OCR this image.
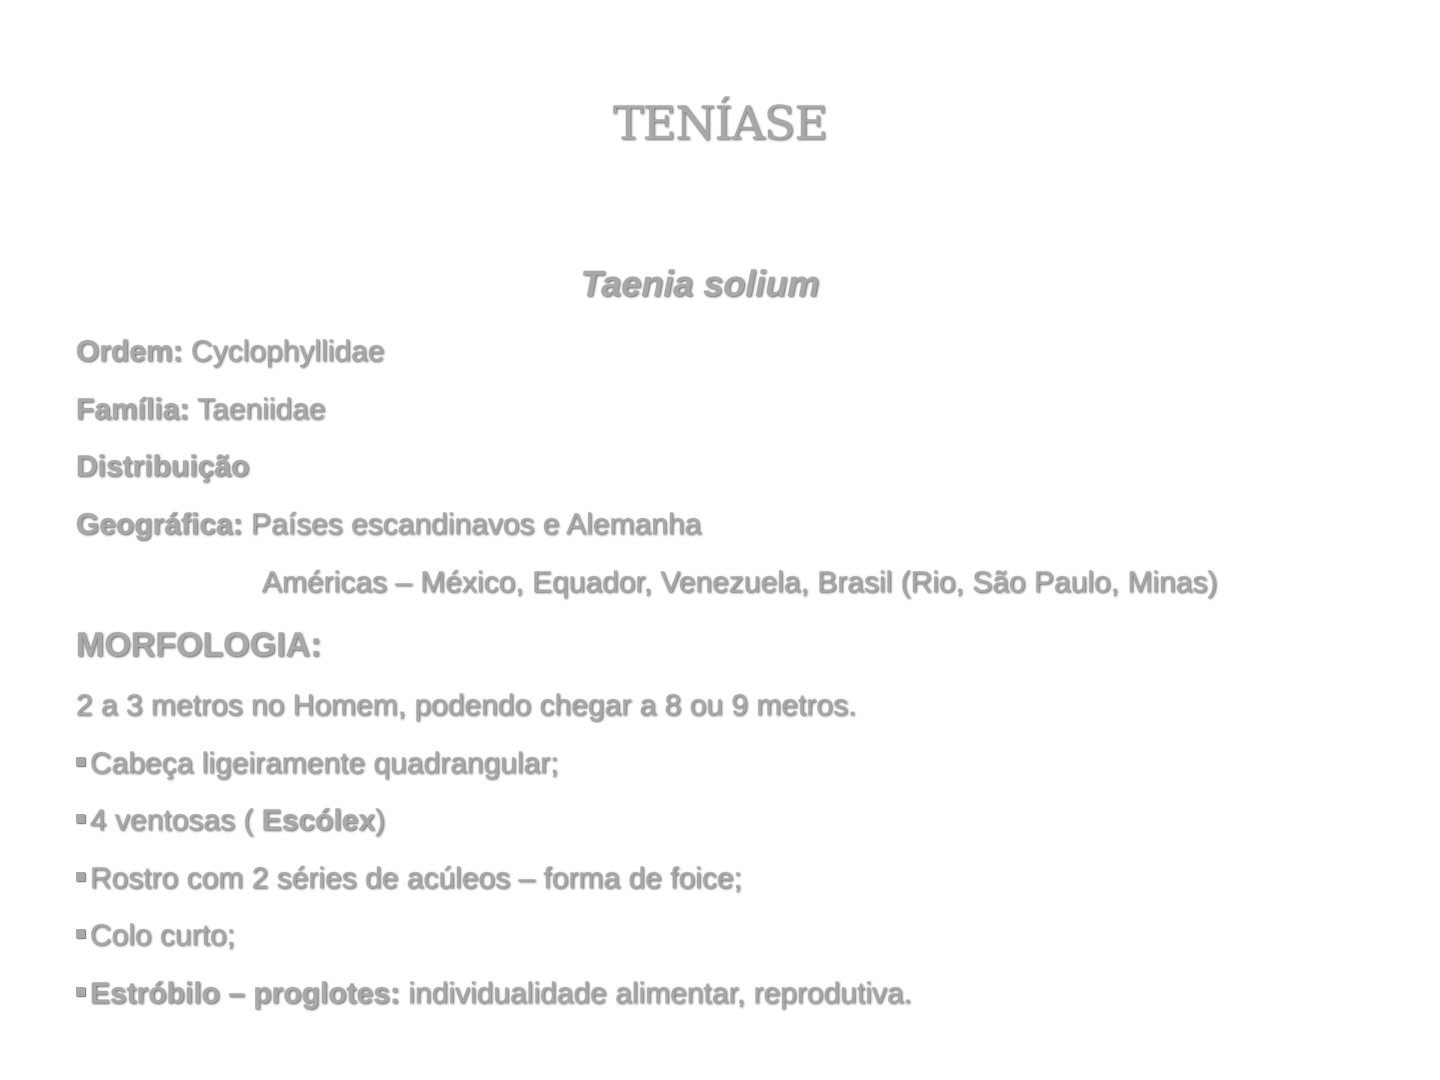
TENÍASE
Taenia solium
Ordem: Cyclophyllidae
Família: Taeniidae
Distribuição
Geográfica: Países escandinavos e Alemanha
Américas – México, Equador, Venezuela, Brasil (Rio, São Paulo, Minas)
MORFOLOGIA:
2 a 3 metros no Homem, podendo chegar a 8 ou 9 metros.
Cabeça ligeiramente quadrangular;
4 ventosas ( Escólex)
Rostro com 2 séries de acúleos – forma de foice;
Colo curto;
Estróbilo – proglotes: individualidade alimentar, reprodutiva.
